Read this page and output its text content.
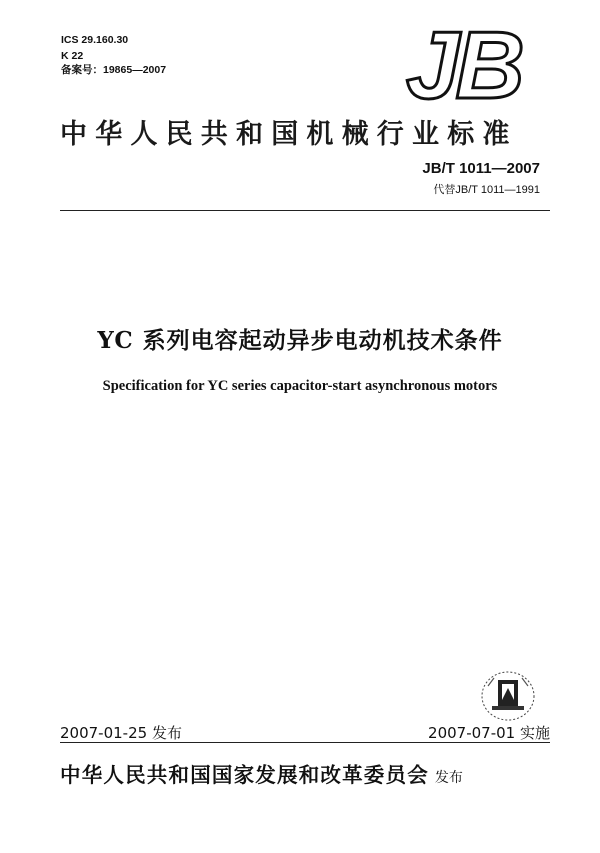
ICS 29.160.30
K 22
备案号：19865—2007 JB
中华人民共和国机械行业标准
JB/T 1011—2007
代替JB/T 1011—1991
YC 系列电容起动异步电动机技术条件
Specification for YC series capacitor-start asynchronous motors
2007-01-25 发布	2007-07-01 实施
中华人民共和国国家发展和改革委员会 发布
